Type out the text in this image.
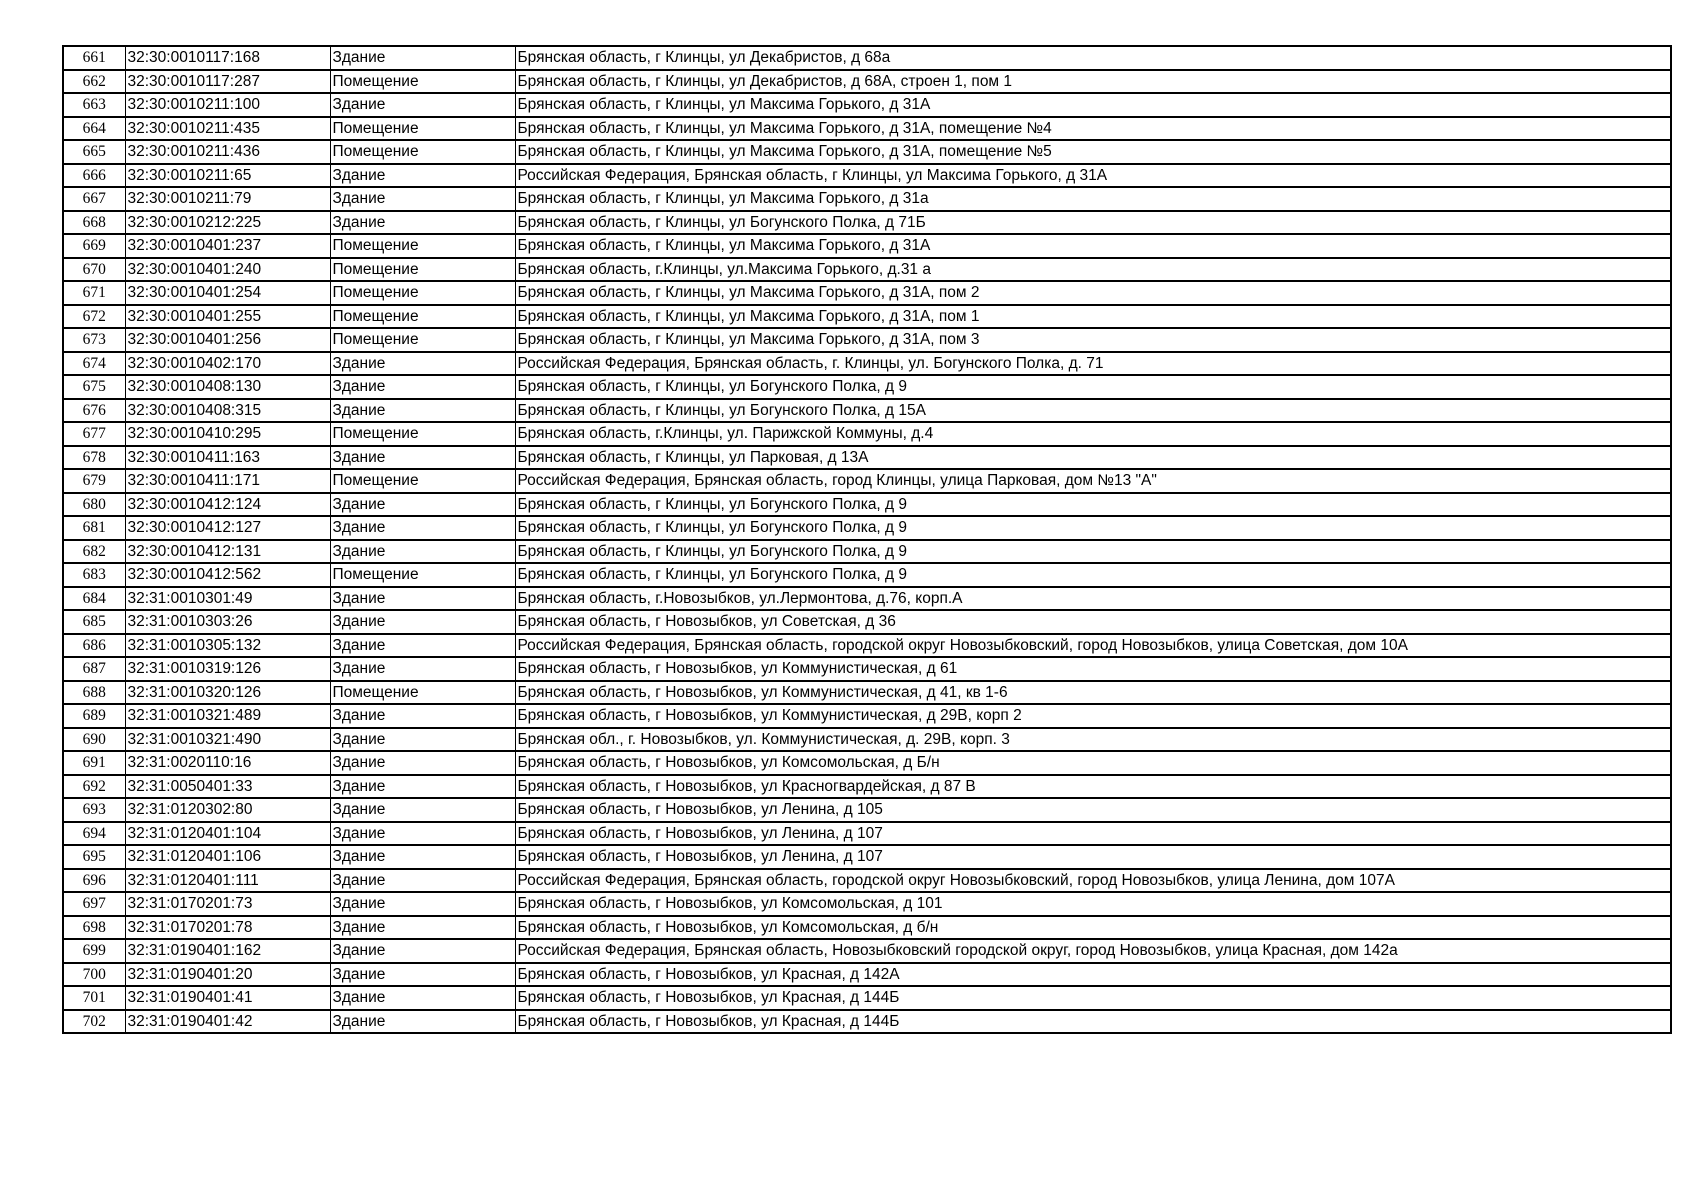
661	32:30:0010117:168	Здание	Брянская область, г Клинцы, ул Декабристов, д 68а
662	32:30:0010117:287	Помещение	Брянская область, г Клинцы, ул Декабристов, д 68А, строен 1, пом 1
663	32:30:0010211:100	Здание	Брянская область, г Клинцы, ул Максима Горького, д 31А
664	32:30:0010211:435	Помещение	Брянская область, г Клинцы, ул Максима Горького, д 31А, помещение №4
665	32:30:0010211:436	Помещение	Брянская область, г Клинцы, ул Максима Горького, д 31А, помещение №5
666	32:30:0010211:65	Здание	Российская Федерация, Брянская область, г Клинцы, ул Максима Горького, д 31А
667	32:30:0010211:79	Здание	Брянская область, г Клинцы, ул Максима Горького, д 31а
668	32:30:0010212:225	Здание	Брянская область, г Клинцы, ул Богунского Полка, д 71Б
669	32:30:0010401:237	Помещение	Брянская область, г Клинцы, ул Максима Горького, д 31А
670	32:30:0010401:240	Помещение	Брянская область, г.Клинцы, ул.Максима Горького, д.31 а
671	32:30:0010401:254	Помещение	Брянская область, г Клинцы, ул Максима Горького, д 31А, пом 2
672	32:30:0010401:255	Помещение	Брянская область, г Клинцы, ул Максима Горького, д 31А, пом 1
673	32:30:0010401:256	Помещение	Брянская область, г Клинцы, ул Максима Горького, д 31А, пом 3
674	32:30:0010402:170	Здание	Российская Федерация, Брянская область, г. Клинцы, ул. Богунского Полка, д. 71
675	32:30:0010408:130	Здание	Брянская область, г Клинцы, ул Богунского Полка, д 9
676	32:30:0010408:315	Здание	Брянская область, г Клинцы, ул Богунского Полка, д 15А
677	32:30:0010410:295	Помещение	Брянская область, г.Клинцы, ул. Парижской Коммуны, д.4
678	32:30:0010411:163	Здание	Брянская область, г Клинцы, ул Парковая, д 13А
679	32:30:0010411:171	Помещение	Российская Федерация, Брянская область, город Клинцы, улица Парковая, дом №13 "А"
680	32:30:0010412:124	Здание	Брянская область, г Клинцы, ул Богунского Полка, д 9
681	32:30:0010412:127	Здание	Брянская область, г Клинцы, ул Богунского Полка, д 9
682	32:30:0010412:131	Здание	Брянская область, г Клинцы, ул Богунского Полка, д 9
683	32:30:0010412:562	Помещение	Брянская область, г Клинцы, ул Богунского Полка, д 9
684	32:31:0010301:49	Здание	Брянская область, г.Новозыбков, ул.Лермонтова, д.76, корп.А
685	32:31:0010303:26	Здание	Брянская область, г Новозыбков, ул Советская, д 36
686	32:31:0010305:132	Здание	Российская Федерация, Брянская область, городской округ Новозыбковский, город Новозыбков, улица Советская, дом 10А
687	32:31:0010319:126	Здание	Брянская область, г Новозыбков, ул Коммунистическая, д 61
688	32:31:0010320:126	Помещение	Брянская область, г Новозыбков, ул Коммунистическая, д 41, кв 1-6
689	32:31:0010321:489	Здание	Брянская область, г Новозыбков, ул Коммунистическая, д 29В, корп 2
690	32:31:0010321:490	Здание	Брянская обл., г. Новозыбков, ул. Коммунистическая, д. 29В, корп. 3
691	32:31:0020110:16	Здание	Брянская область, г Новозыбков, ул Комсомольская, д Б/н
692	32:31:0050401:33	Здание	Брянская область, г Новозыбков, ул Красногвардейская, д 87 В
693	32:31:0120302:80	Здание	Брянская область, г Новозыбков, ул Ленина, д 105
694	32:31:0120401:104	Здание	Брянская область, г Новозыбков, ул Ленина, д 107
695	32:31:0120401:106	Здание	Брянская область, г Новозыбков, ул Ленина, д 107
696	32:31:0120401:111	Здание	Российская Федерация, Брянская область, городской округ Новозыбковский, город Новозыбков, улица Ленина, дом 107А
697	32:31:0170201:73	Здание	Брянская область, г Новозыбков, ул Комсомольская, д 101
698	32:31:0170201:78	Здание	Брянская область, г Новозыбков, ул Комсомольская, д б/н
699	32:31:0190401:162	Здание	Российская Федерация, Брянская область, Новозыбковский городской округ, город Новозыбков, улица Красная, дом 142а
700	32:31:0190401:20	Здание	Брянская область, г Новозыбков, ул Красная, д 142А
701	32:31:0190401:41	Здание	Брянская область, г Новозыбков, ул Красная, д 144Б
702	32:31:0190401:42	Здание	Брянская область, г Новозыбков, ул Красная, д 144Б
